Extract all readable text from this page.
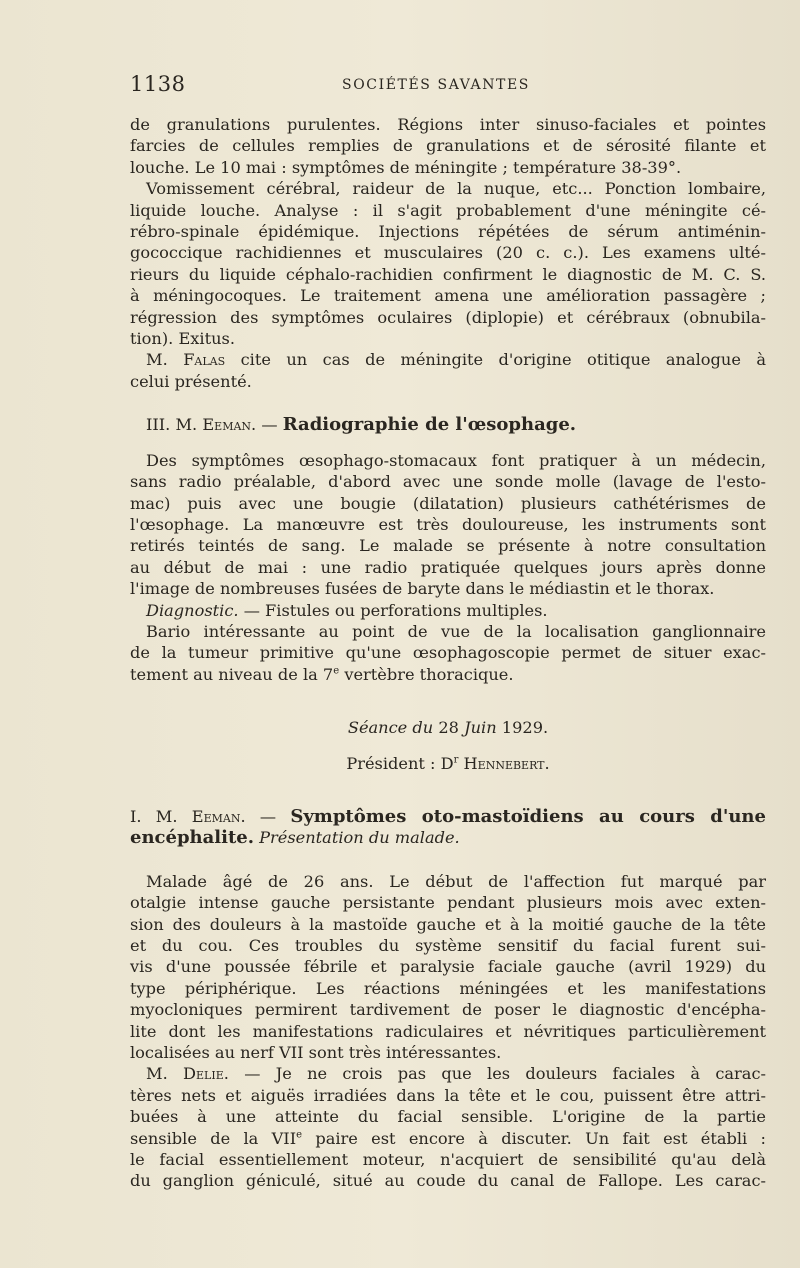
1138	SOCIÉTÉS SAVANTES
de granulations purulentes. Régions inter sinuso-faciales et pointes
farcies de cellules remplies de granulations et de sérosité filante et
louche. Le 10 mai : symptômes de méningite ; température 38-39°.
Vomissement cérébral, raideur de la nuque, etc... Ponction lombaire,
liquide louche. Analyse : il s'agit probablement d'une méningite cé-
rébro-spinale épidémique. Injections répétées de sérum antiménin-
gococcique rachidiennes et musculaires (20 c. c.). Les examens ulté-
rieurs du liquide céphalo-rachidien confirment le diagnostic de M. C. S.
à méningocoques. Le traitement amena une amélioration passagère ;
régression des symptômes oculaires (diplopie) et cérébraux (obnubila-
tion). Exitus.
M. Falas cite un cas de méningite d'origine otitique analogue à
celui présenté.
III. M. Eeman. — Radiographie de l'œsophage.
Des symptômes œsophago-stomacaux font pratiquer à un médecin,
sans radio préalable, d'abord avec une sonde molle (lavage de l'esto-
mac) puis avec une bougie (dilatation) plusieurs cathétérismes de
l'œsophage. La manœuvre est très douloureuse, les instruments sont
retirés teintés de sang. Le malade se présente à notre consultation
au début de mai : une radio pratiquée quelques jours après donne
l'image de nombreuses fusées de baryte dans le médiastin et le thorax.
Diagnostic. — Fistules ou perforations multiples.
Bario intéressante au point de vue de la localisation ganglionnaire
de la tumeur primitive qu'une œsophagoscopie permet de situer exac-
tement au niveau de la 7e vertèbre thoracique.
Séance du 28 Juin 1929.
Président : $D^r$ Hennebert.
I. M. Eeman. — Symptômes oto-mastoïdiens au cours d'une
encéphalite. Présentation du malade.
Malade âgé de 26 ans. Le début de l'affection fut marqué par
otalgie intense gauche persistante pendant plusieurs mois avec exten-
sion des douleurs à la mastoïde gauche et à la moitié gauche de la tête
et du cou. Ces troubles du système sensitif du facial furent sui-
vis d'une poussée fébrile et paralysie faciale gauche (avril 1929) du
type périphérique. Les réactions méningées et les manifestations
myocloniques permirent tardivement de poser le diagnostic d'encépha-
lite dont les manifestations radiculaires et névritiques particulièrement
localisées au nerf VII sont très intéressantes.
M. Delie. — Je ne crois pas que les douleurs faciales à carac-
tères nets et aiguës irradiées dans la tête et le cou, puissent être attri-
buées à une atteinte du facial sensible. L'origine de la partie
sensible de la VIIe paire est encore à discuter. Un fait est établi :
le facial essentiellement moteur, n'acquiert de sensibilité qu'au delà
du ganglion géniculé, situé au coude du canal de Fallope. Les carac-
